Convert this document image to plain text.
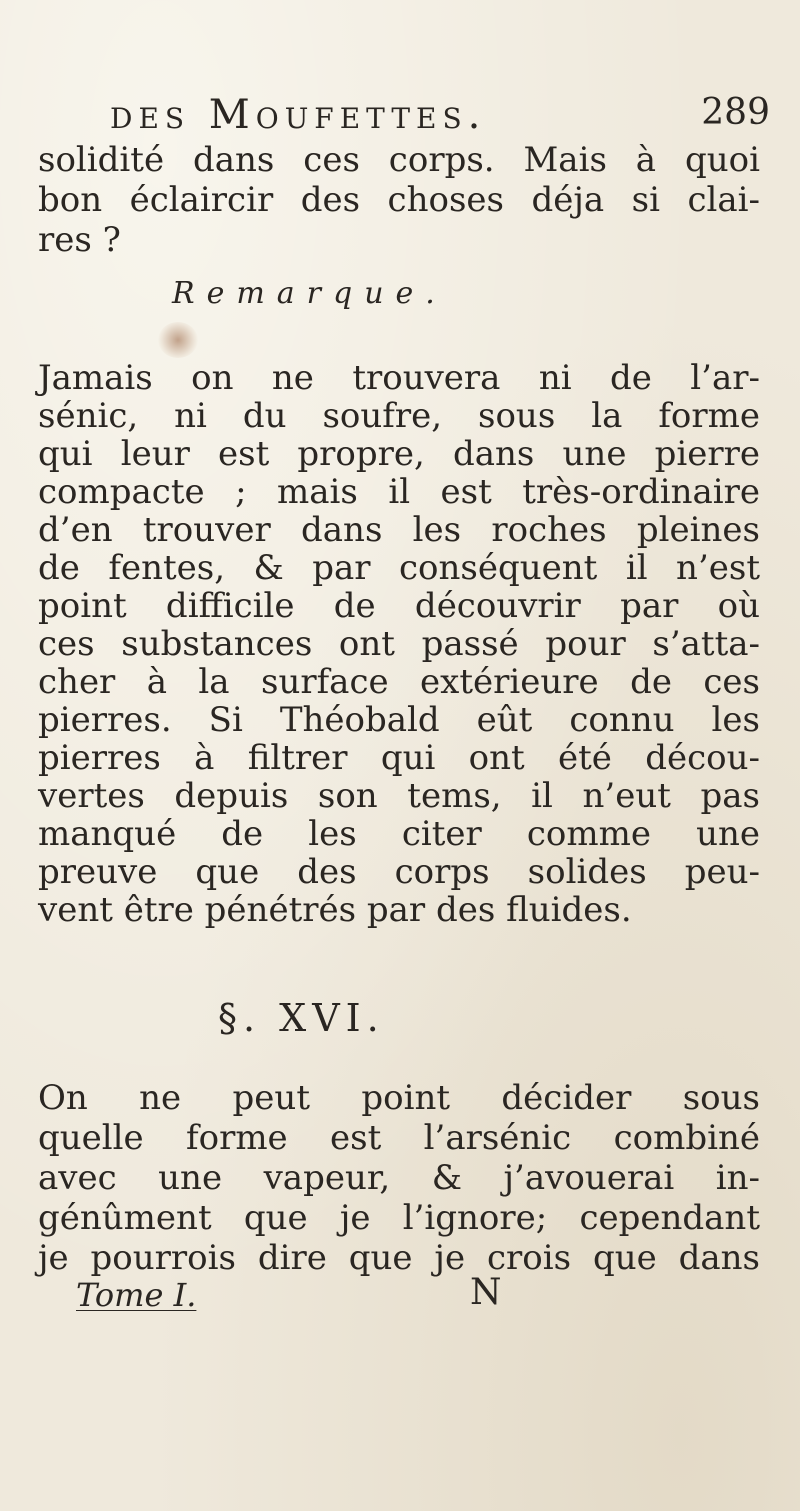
des Moufettes.	289
solidité dans ces corps. Mais à quoi
bon éclaircir des choses déja si clai-
res ?
Remarque.
Jamais on ne trouvera ni de l’ar-
sénic, ni du soufre, sous la forme
qui leur est propre, dans une pierre
compacte ; mais il est très-ordinaire
d’en trouver dans les roches pleines
de fentes, & par conséquent il n’est
point difficile de découvrir par où
ces substances ont passé pour s’atta-
cher à la surface extérieure de ces
pierres. Si Théobald eût connu les
pierres à filtrer qui ont été décou-
vertes depuis son tems, il n’eut pas
manqué de les citer comme une
preuve que des corps solides peu-
vent être pénétrés par des fluides.
§. XVI.
On ne peut point décider sous
quelle forme est l’arsénic combiné
avec une vapeur, & j’avouerai in-
génûment que je l’ignore; cependant
je pourrois dire que je crois que dans
Tome I.	N
